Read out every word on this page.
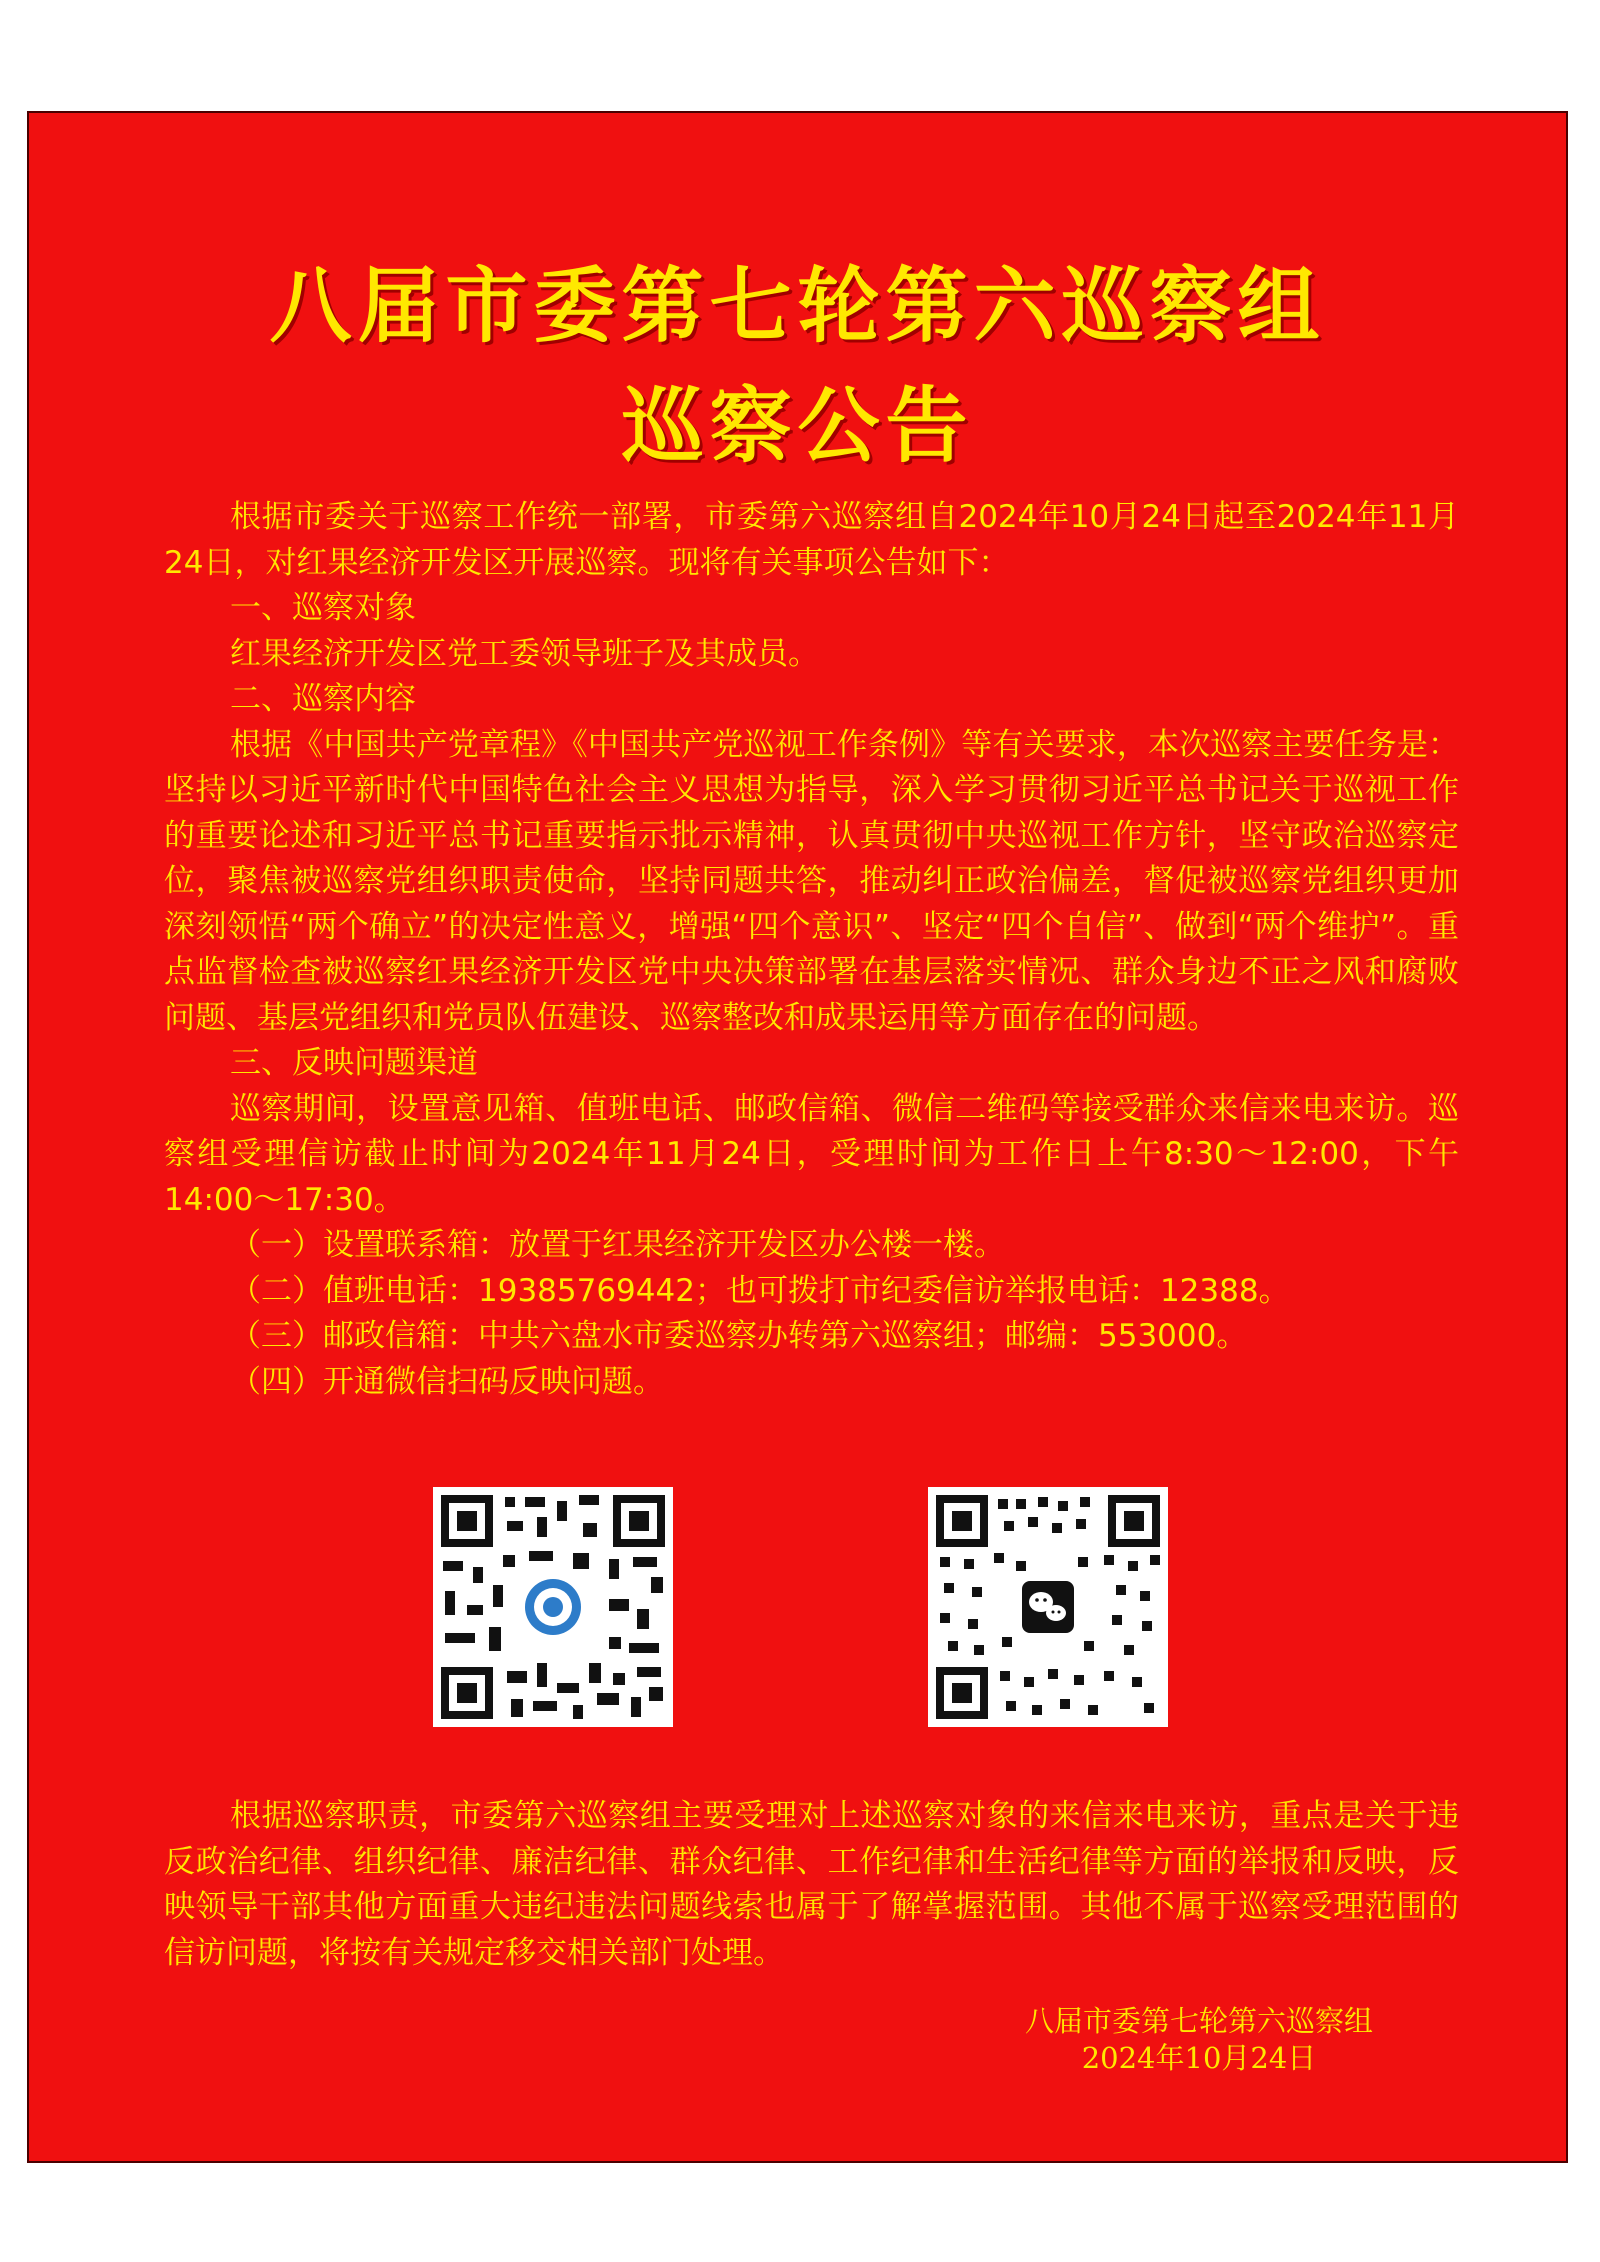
八届市委第七轮第六巡察组
巡察公告

根据市委关于巡察工作统一部署，市委第六巡察组自2024年10月24日起至2024年11月24日，对红果经济开发区开展巡察。现将有关事项公告如下：

一、巡察对象

红果经济开发区党工委领导班子及其成员。

二、巡察内容

根据《中国共产党章程》《中国共产党巡视工作条例》等有关要求，本次巡察主要任务是：坚持以习近平新时代中国特色社会主义思想为指导，深入学习贯彻习近平总书记关于巡视工作的重要论述和习近平总书记重要指示批示精神，认真贯彻中央巡视工作方针，坚守政治巡察定位，聚焦被巡察党组织职责使命，坚持同题共答，推动纠正政治偏差，督促被巡察党组织更加深刻领悟“两个确立”的决定性意义，增强“四个意识”、坚定“四个自信”、做到“两个维护”。重点监督检查被巡察红果经济开发区党中央决策部署在基层落实情况、群众身边不正之风和腐败问题、基层党组织和党员队伍建设、巡察整改和成果运用等方面存在的问题。

三、反映问题渠道

巡察期间，设置意见箱、值班电话、邮政信箱、微信二维码等接受群众来信来电来访。巡察组受理信访截止时间为2024年11月24日，受理时间为工作日上午8:30～12:00，下午14:00～17:30。

（一）设置联系箱：放置于红果经济开发区办公楼一楼。

（二）值班电话：19385769442；也可拨打市纪委信访举报电话：12388。

（三）邮政信箱：中共六盘水市委巡察办转第六巡察组；邮编：553000。

（四）开通微信扫码反映问题。

根据巡察职责，市委第六巡察组主要受理对上述巡察对象的来信来电来访，重点是关于违反政治纪律、组织纪律、廉洁纪律、群众纪律、工作纪律和生活纪律等方面的举报和反映，反映领导干部其他方面重大违纪违法问题线索也属于了解掌握范围。其他不属于巡察受理范围的信访问题，将按有关规定移交相关部门处理。

八届市委第七轮第六巡察组
2024年10月24日
